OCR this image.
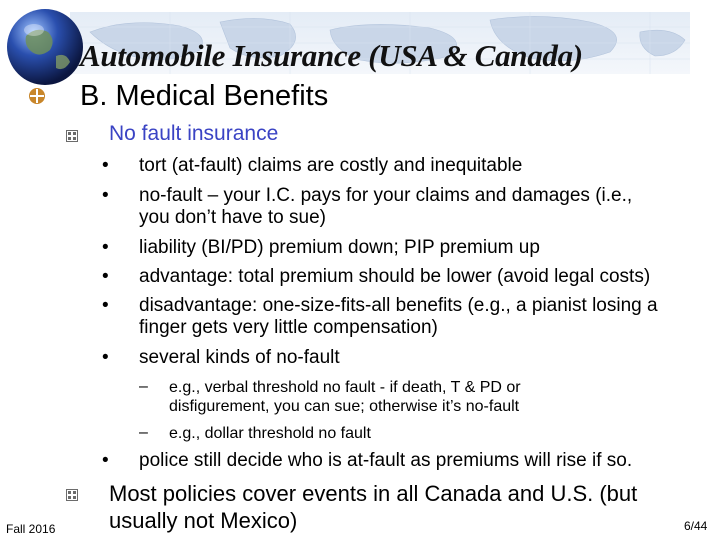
Automobile Insurance (USA & Canada)
B. Medical Benefits
No fault insurance
• tort (at-fault) claims are costly and inequitable
• no-fault – your I.C. pays for your claims and damages (i.e.,
you don’t have to sue)
• liability (BI/PD) premium down; PIP premium up
• advantage: total premium should be lower (avoid legal costs)
• disadvantage: one-size-fits-all benefits (e.g., a pianist losing a
finger gets very little compensation)
• several kinds of no-fault
– e.g., verbal threshold no fault - if death, T & PD or
disfigurement, you can sue; otherwise it’s no-fault
– e.g., dollar threshold no fault
• police still decide who is at-fault as premiums will rise if so.
Most policies cover events in all Canada and U.S. (but
usually not Mexico)
Fall 2016	6/44
